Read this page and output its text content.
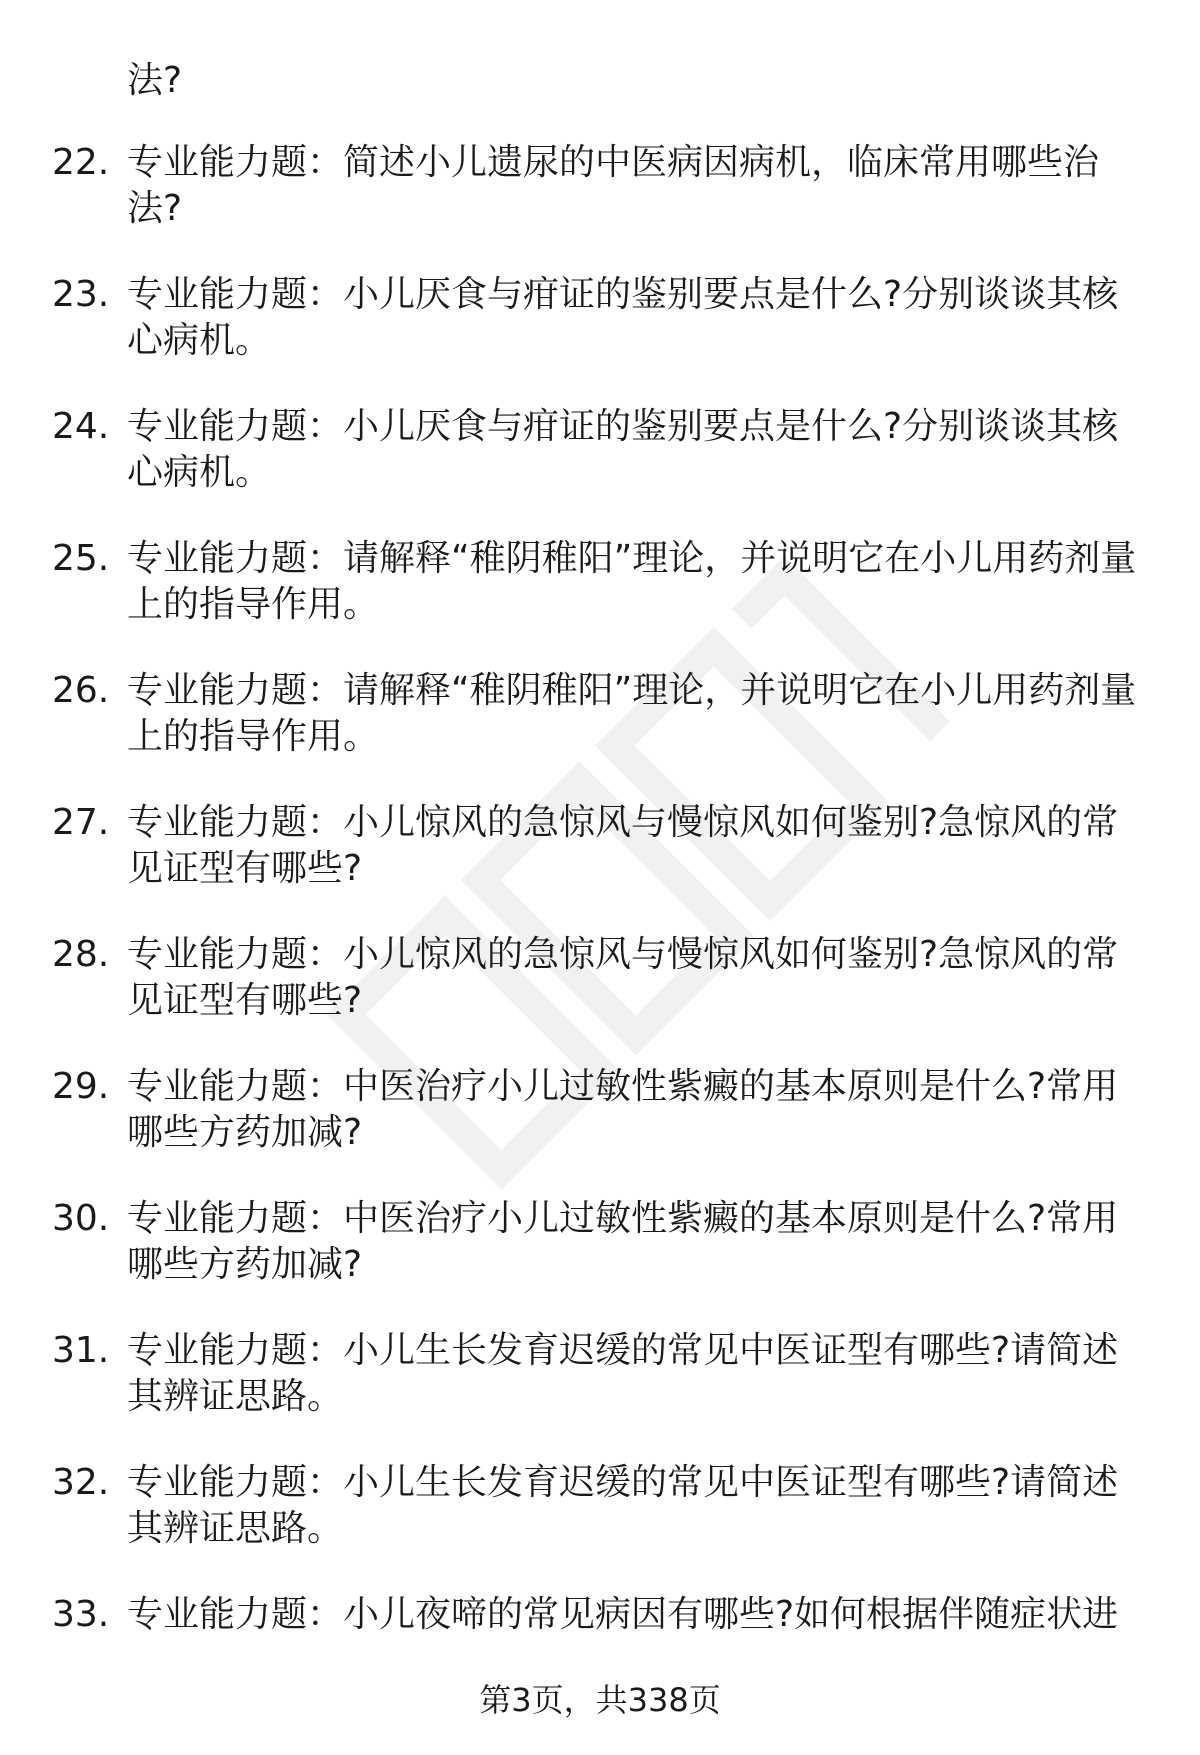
法?

22. 专业能力题：简述小儿遗尿的中医病因病机，临床常用哪些治法?

23. 专业能力题：小儿厌食与疳证的鉴别要点是什么?分别谈谈其核心病机。

24. 专业能力题：小儿厌食与疳证的鉴别要点是什么?分别谈谈其核心病机。

25. 专业能力题：请解释“稚阴稚阳”理论，并说明它在小儿用药剂量上的指导作用。

26. 专业能力题：请解释“稚阴稚阳”理论，并说明它在小儿用药剂量上的指导作用。

27. 专业能力题：小儿惊风的急惊风与慢惊风如何鉴别?急惊风的常见证型有哪些?

28. 专业能力题：小儿惊风的急惊风与慢惊风如何鉴别?急惊风的常见证型有哪些?

29. 专业能力题：中医治疗小儿过敏性紫癜的基本原则是什么?常用哪些方药加减?

30. 专业能力题：中医治疗小儿过敏性紫癜的基本原则是什么?常用哪些方药加减?

31. 专业能力题：小儿生长发育迟缓的常见中医证型有哪些?请简述其辨证思路。

32. 专业能力题：小儿生长发育迟缓的常见中医证型有哪些?请简述其辨证思路。

33. 专业能力题：小儿夜啼的常见病因有哪些?如何根据伴随症状进

第3页，共338页
